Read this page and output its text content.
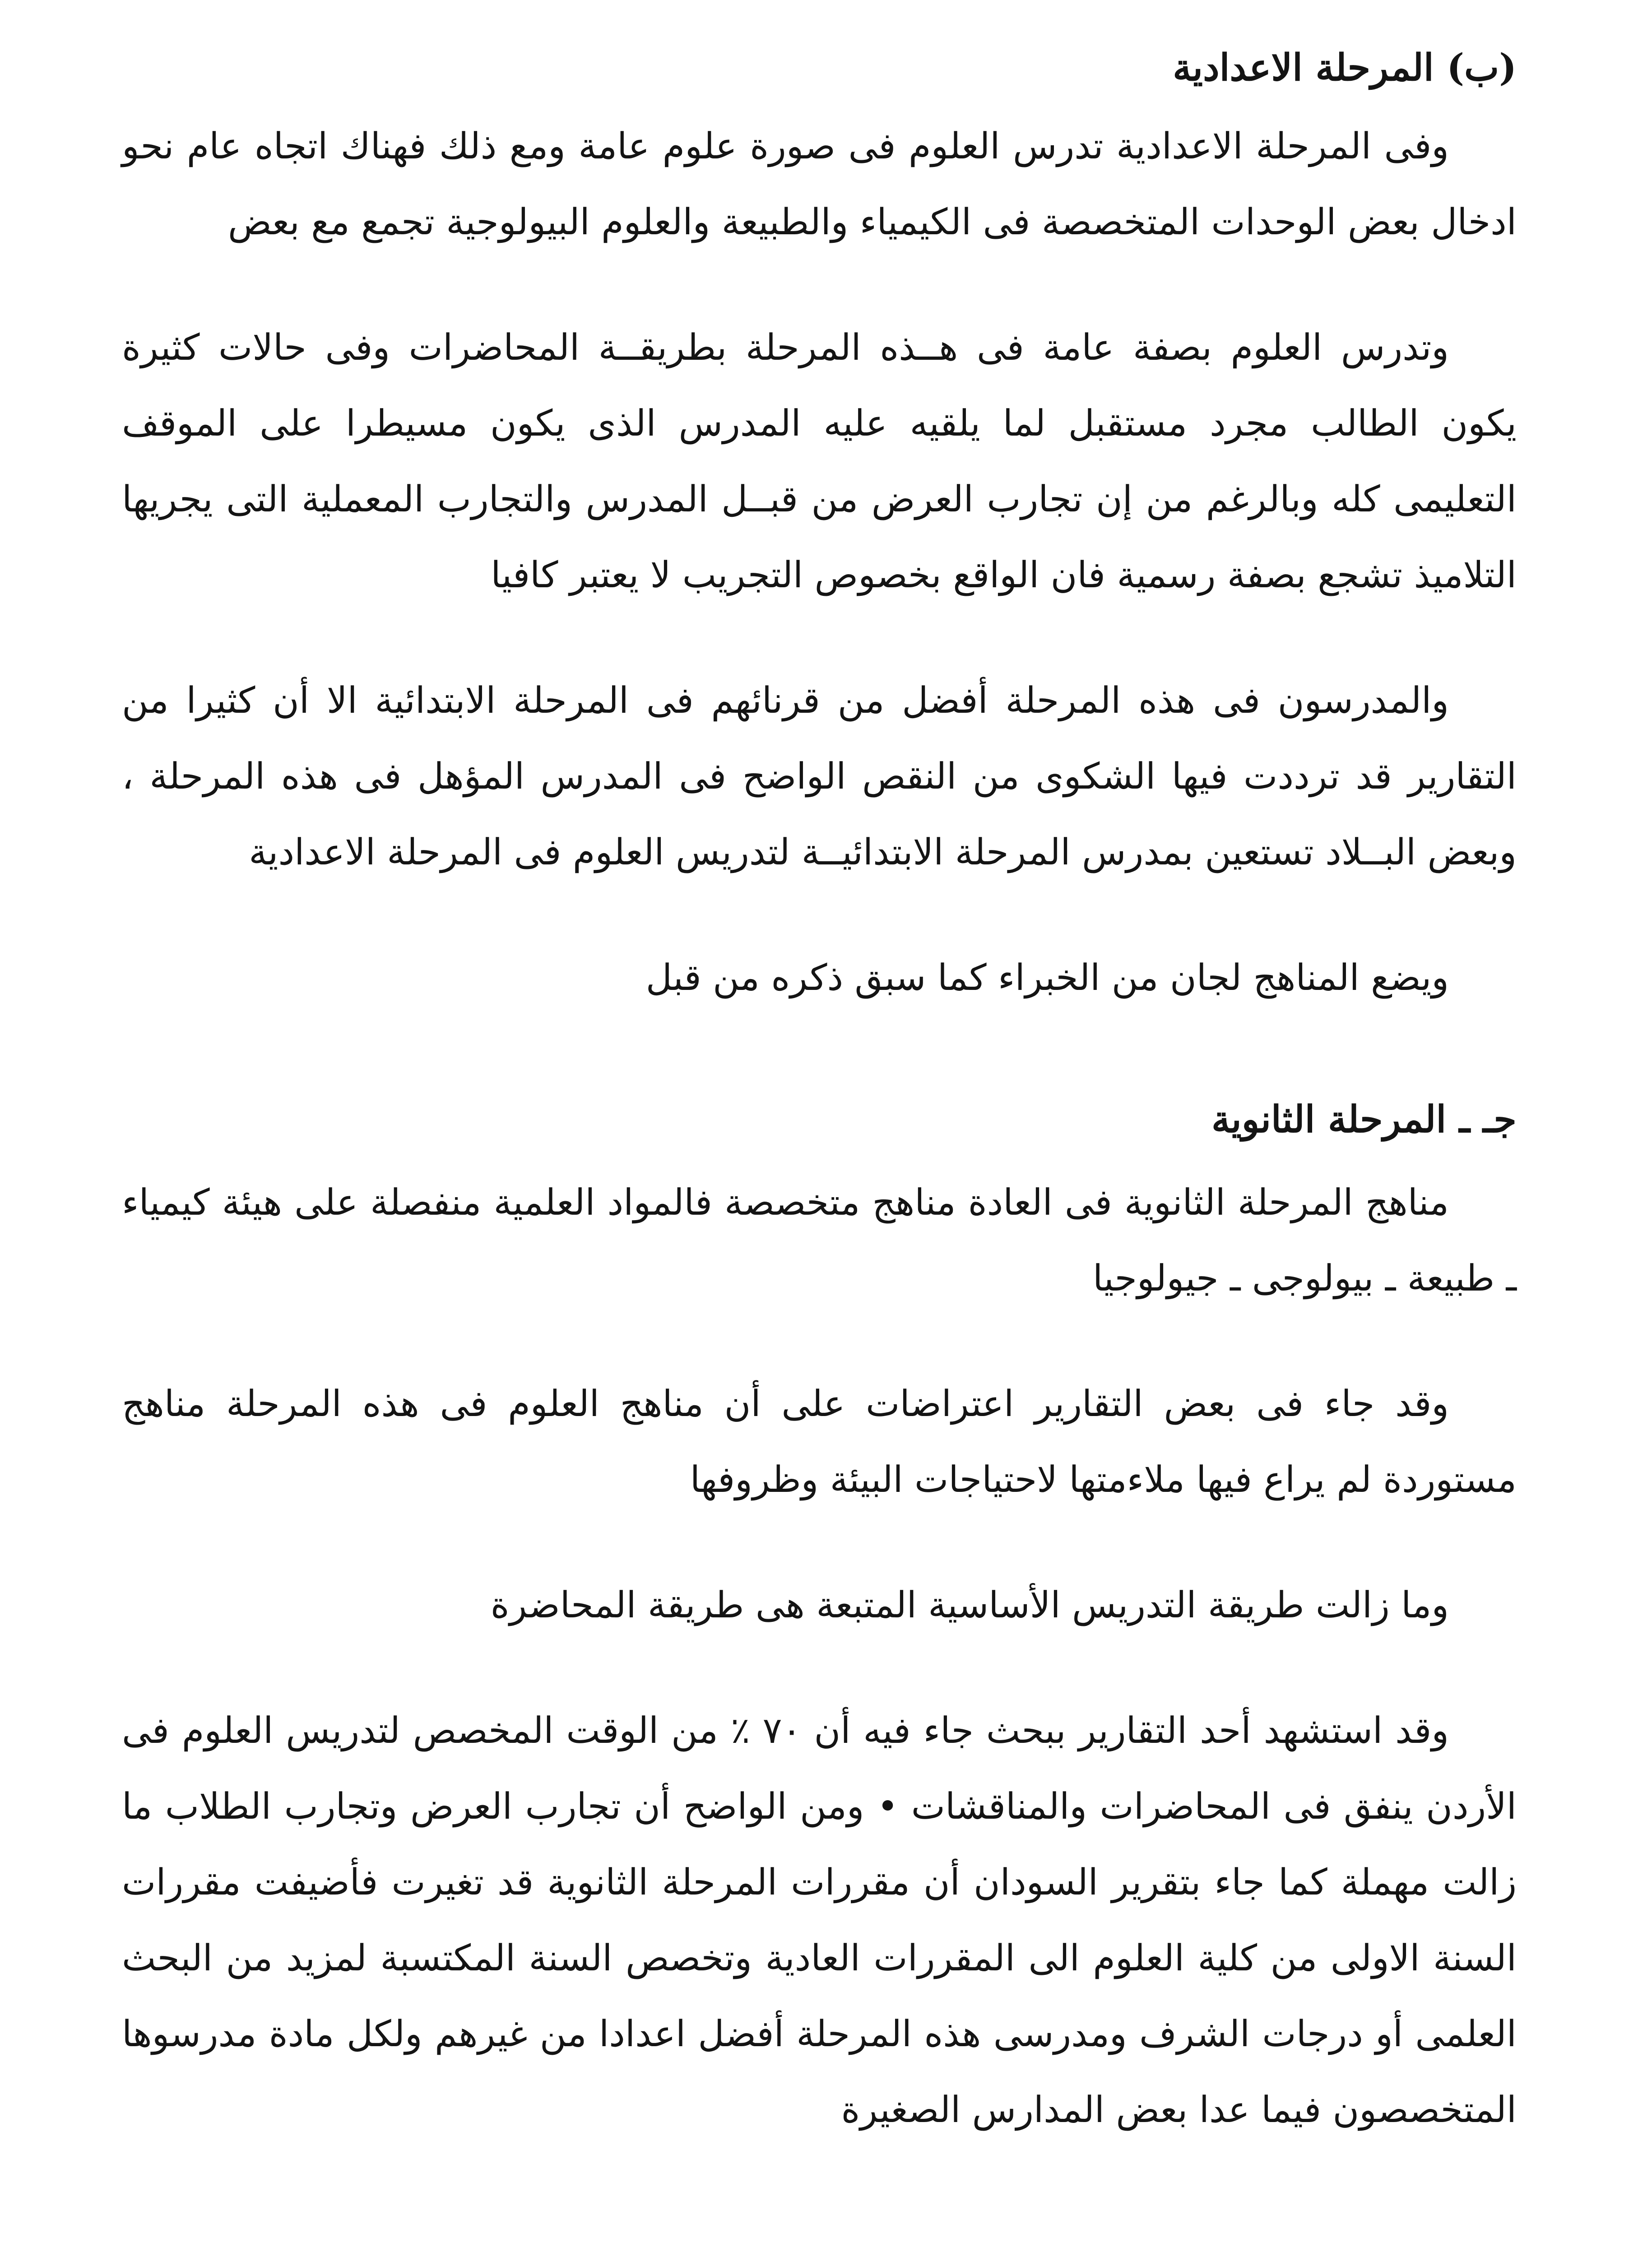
(ب) المرحلة الاعدادية

وفى المرحلة الاعدادية تدرس العلوم فى صورة علوم عامة ومع ذلك فهناك اتجاه عام نحو ادخال بعض الوحدات المتخصصة فى الكيمياء والطبيعة والعلوم البيولوجية تجمع مع بعض

وتدرس العلوم بصفة عامة فى هــذه المرحلة بطريقــة المحاضرات وفى حالات كثيرة يكون الطالب مجرد مستقبل لما يلقيه عليه المدرس الذى يكون مسيطرا على الموقف التعليمى كله وبالرغم من إن تجارب العرض من قبــل المدرس والتجارب المعملية التى يجريها التلاميذ تشجع بصفة رسمية فان الواقع بخصوص التجريب لا يعتبر كافيا

والمدرسون فى هذه المرحلة أفضل من قرنائهم فى المرحلة الابتدائية الا أن كثيرا من التقارير قد ترددت فيها الشكوى من النقص الواضح فى المدرس المؤهل فى هذه المرحلة ، وبعض البــلاد تستعين بمدرس المرحلة الابتدائيــة لتدريس العلوم فى المرحلة الاعدادية

ويضع المناهج لجان من الخبراء كما سبق ذكره من قبل

جـ ـ المرحلة الثانوية

مناهج المرحلة الثانوية فى العادة مناهج متخصصة فالمواد العلمية منفصلة على هيئة كيمياء ـ طبيعة ـ بيولوجى ـ جيولوجيا

وقد جاء فى بعض التقارير اعتراضات على أن مناهج العلوم فى هذه المرحلة مناهج مستوردة لم يراع فيها ملاءمتها لاحتياجات البيئة وظروفها

وما زالت طريقة التدريس الأساسية المتبعة هى طريقة المحاضرة

وقد استشهد أحد التقارير ببحث جاء فيه أن ٧٠ ٪ من الوقت المخصص لتدريس العلوم فى الأردن ينفق فى المحاضرات والمناقشات • ومن الواضح أن تجارب العرض وتجارب الطلاب ما زالت مهملة كما جاء بتقرير السودان أن مقررات المرحلة الثانوية قد تغيرت فأضيفت مقررات السنة الاولى من كلية العلوم الى المقررات العادية وتخصص السنة المكتسبة لمزيد من البحث العلمى أو درجات الشرف ومدرسى هذه المرحلة أفضل اعدادا من غيرهم ولكل مادة مدرسوها المتخصصون فيما عدا بعض المدارس الصغيرة
